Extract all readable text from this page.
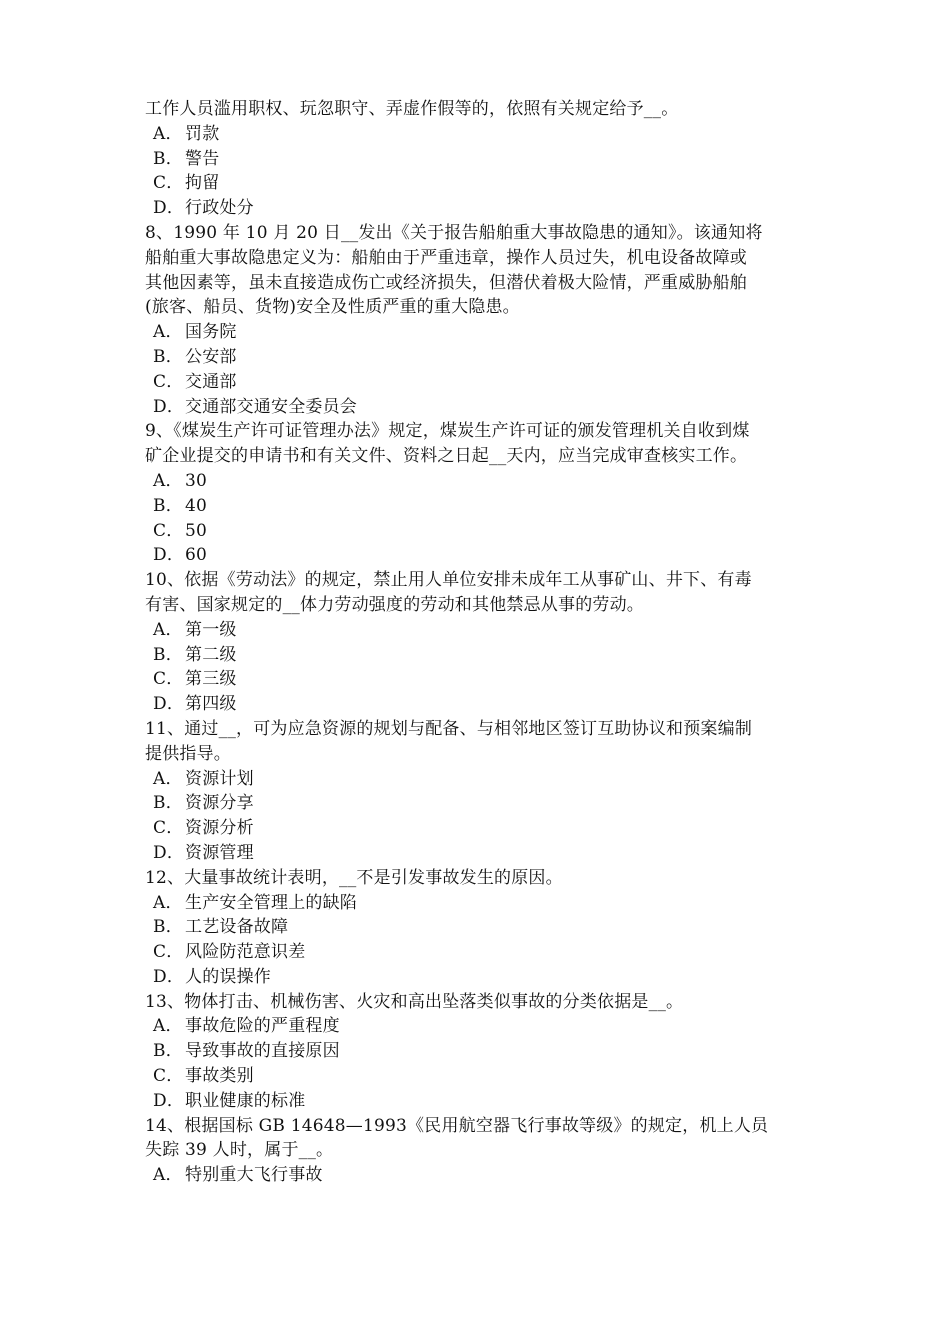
工作人员滥用职权、玩忽职守、弄虚作假等的，依照有关规定给予__。
A． 罚款
B． 警告
C．拘留
D．行政处分
8、1990 年 10 月 20 日__发出《关于报告船舶重大事故隐患的通知》。该通知将
船舶重大事故隐患定义为：船舶由于严重违章，操作人员过失，机电设备故障或
其他因素等，虽未直接造成伤亡或经济损失，但潜伏着极大险情，严重威胁船舶
(旅客、船员、货物)安全及性质严重的重大隐患。
A． 国务院
B． 公安部
C．交通部
D．交通部交通安全委员会
9、《煤炭生产许可证管理办法》规定，煤炭生产许可证的颁发管理机关自收到煤
矿企业提交的申请书和有关文件、资料之日起__天内，应当完成审查核实工作。
A． 30
B． 40
C．50
D．60
10、依据《劳动法》的规定，禁止用人单位安排未成年工从事矿山、井下、有毒
有害、国家规定的__体力劳动强度的劳动和其他禁忌从事的劳动。
A． 第一级
B． 第二级
C．第三级
D．第四级
11、通过__，可为应急资源的规划与配备、与相邻地区签订互助协议和预案编制
提供指导。
A． 资源计划
B． 资源分享
C．资源分析
D．资源管理
12、大量事故统计表明，__不是引发事故发生的原因。
A． 生产安全管理上的缺陷
B． 工艺设备故障
C．风险防范意识差
D．人的误操作
13、物体打击、机械伤害、火灾和高出坠落类似事故的分类依据是__。
A． 事故危险的严重程度
B． 导致事故的直接原因
C．事故类别
D．职业健康的标准
14、根据国标 GB 14648—1993《民用航空器飞行事故等级》的规定，机上人员
失踪 39 人时，属于__。
A． 特别重大飞行事故
